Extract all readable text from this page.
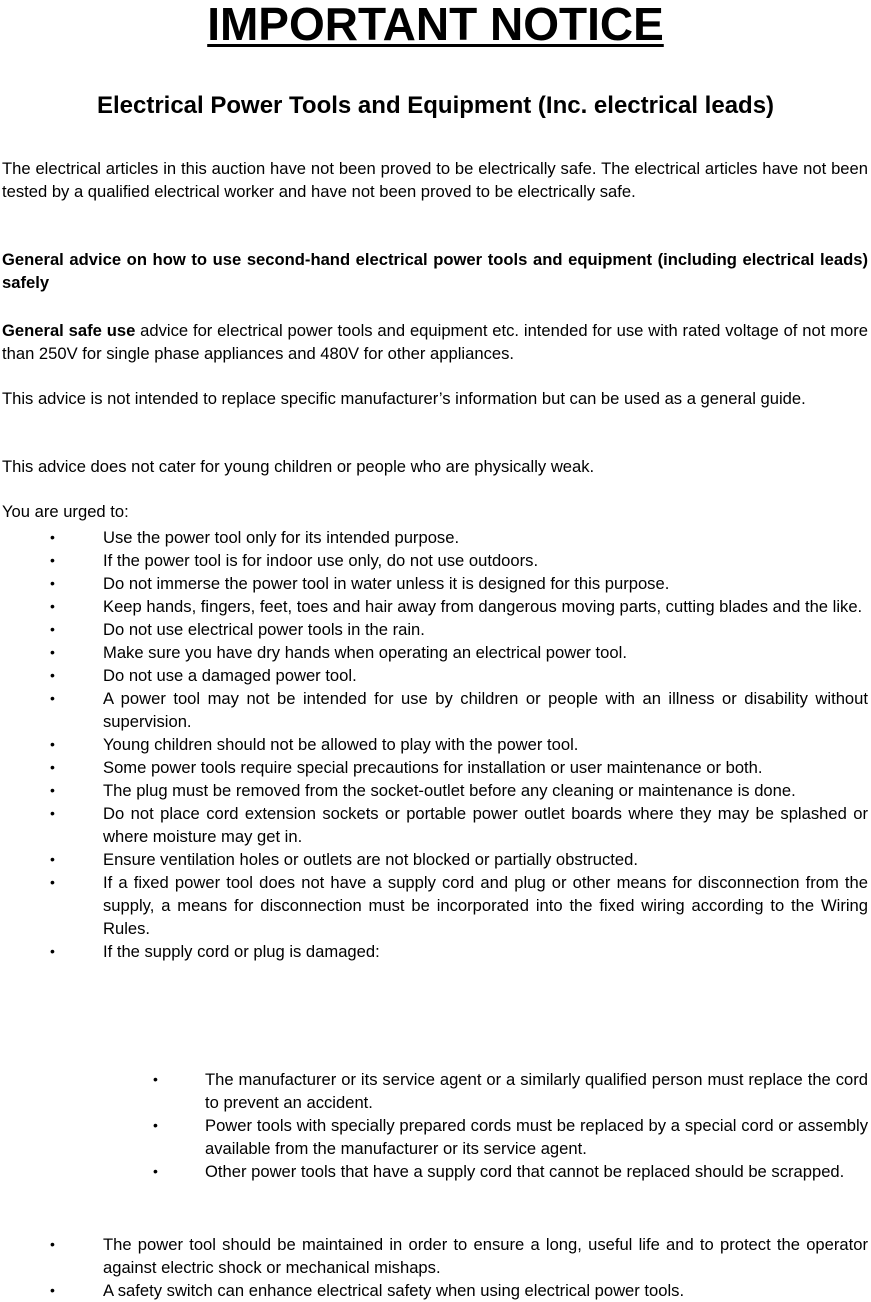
IMPORTANT NOTICE
Electrical Power Tools and Equipment (Inc. electrical leads)

The electrical articles in this auction have not been proved to be electrically safe. The electrical articles have not been tested by a qualified electrical worker and have not been proved to be electrically safe.

General advice on how to use second-hand electrical power tools and equipment (including electrical leads) safely

General safe use advice for electrical power tools and equipment etc. intended for use with rated voltage of not more than 250V for single phase appliances and 480V for other appliances.

This advice is not intended to replace specific manufacturer’s information but can be used as a general guide.

This advice does not cater for young children or people who are physically weak.

You are urged to:

•	Use the power tool only for its intended purpose.
•	If the power tool is for indoor use only, do not use outdoors.
•	Do not immerse the power tool in water unless it is designed for this purpose.
•	Keep hands, fingers, feet, toes and hair away from dangerous moving parts, cutting blades and the like.
•	Do not use electrical power tools in the rain.
•	Make sure you have dry hands when operating an electrical power tool.
•	Do not use a damaged power tool.
•	A power tool may not be intended for use by children or people with an illness or disability without supervision.
•	Young children should not be allowed to play with the power tool.
•	Some power tools require special precautions for installation or user maintenance or both.
•	The plug must be removed from the socket-outlet before any cleaning or maintenance is done.
•	Do not place cord extension sockets or portable power outlet boards where they may be splashed or where moisture may get in.
•	Ensure ventilation holes or outlets are not blocked or partially obstructed.
•	If a fixed power tool does not have a supply cord and plug or other means for disconnection from the supply, a means for disconnection must be incorporated into the fixed wiring according to the Wiring Rules.
•	If the supply cord or plug is damaged:
•	The manufacturer or its service agent or a similarly qualified person must replace the cord to prevent an accident.
•	Power tools with specially prepared cords must be replaced by a special cord or assembly available from the manufacturer or its service agent.
•	Other power tools that have a supply cord that cannot be replaced should be scrapped.
•	The power tool should be maintained in order to ensure a long, useful life and to protect the operator against electric shock or mechanical mishaps.
•	A safety switch can enhance electrical safety when using electrical power tools.
